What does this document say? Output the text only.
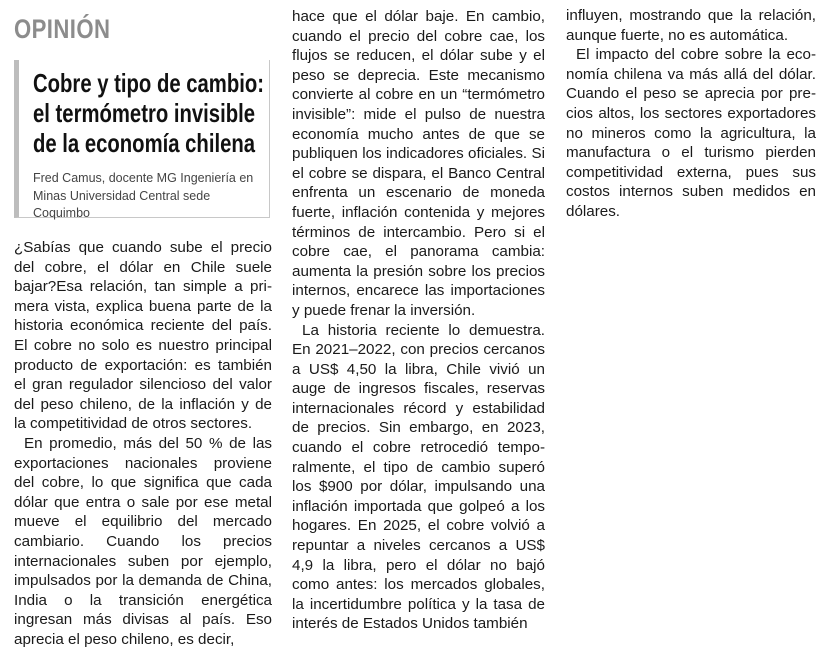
OPINIÓN
Cobre y tipo de cambio: el termómetro invisible de la economía chilena
Fred Camus, docente MG Ingeniería en Minas Universidad Central sede Coquimbo

¿Sabías que cuando sube el precio del cobre, el dólar en Chile suele bajar?Esa relación, tan simple a primera vista, explica buena parte de la historia económica reciente del país. El cobre no solo es nuestro principal producto de exportación: es también el gran regulador silencioso del valor del peso chileno, de la inflación y de la competitividad de otros sectores.

En promedio, más del 50 % de las exportaciones nacionales proviene del cobre, lo que significa que cada dólar que entra o sale por ese metal mueve el equilibrio del mercado cambiario. Cuando los precios internacionales suben por ejemplo, impulsados por la demanda de China, India o la transición energética ingresan más divisas al país. Eso aprecia el peso chileno, es decir,

hace que el dólar baje. En cambio, cuando el precio del cobre cae, los flujos se reducen, el dólar sube y el peso se deprecia. Este mecanismo convierte al cobre en un “termómetro invisible”: mide el pulso de nuestra economía mucho antes de que se publiquen los indicadores oficiales. Si el cobre se dispara, el Banco Central enfrenta un escenario de moneda fuerte, inflación contenida y mejores términos de intercambio. Pero si el cobre cae, el panorama cambia: aumenta la presión sobre los precios internos, encarece las importaciones y puede frenar la inversión.

La historia reciente lo demuestra. En 2021–2022, con precios cercanos a US$ 4,50 la libra, Chile vivió un auge de ingresos fiscales, reservas internacionales récord y estabilidad de precios. Sin embargo, en 2023, cuando el cobre retrocedió temporalmente, el tipo de cambio superó los $900 por dólar, impulsando una inflación importada que golpeó a los hogares. En 2025, el cobre volvió a repuntar a niveles cercanos a US$ 4,9 la libra, pero el dólar no bajó como antes: los mercados globales, la incertidumbre política y la tasa de interés de Estados Unidos también

influyen, mostrando que la relación, aunque fuerte, no es automática.

El impacto del cobre sobre la economía chilena va más allá del dólar. Cuando el peso se aprecia por precios altos, los sectores exportadores no mineros como la agricultura, la manufactura o el turismo pierden competitividad externa, pues sus costos internos suben medidos en dólares.
